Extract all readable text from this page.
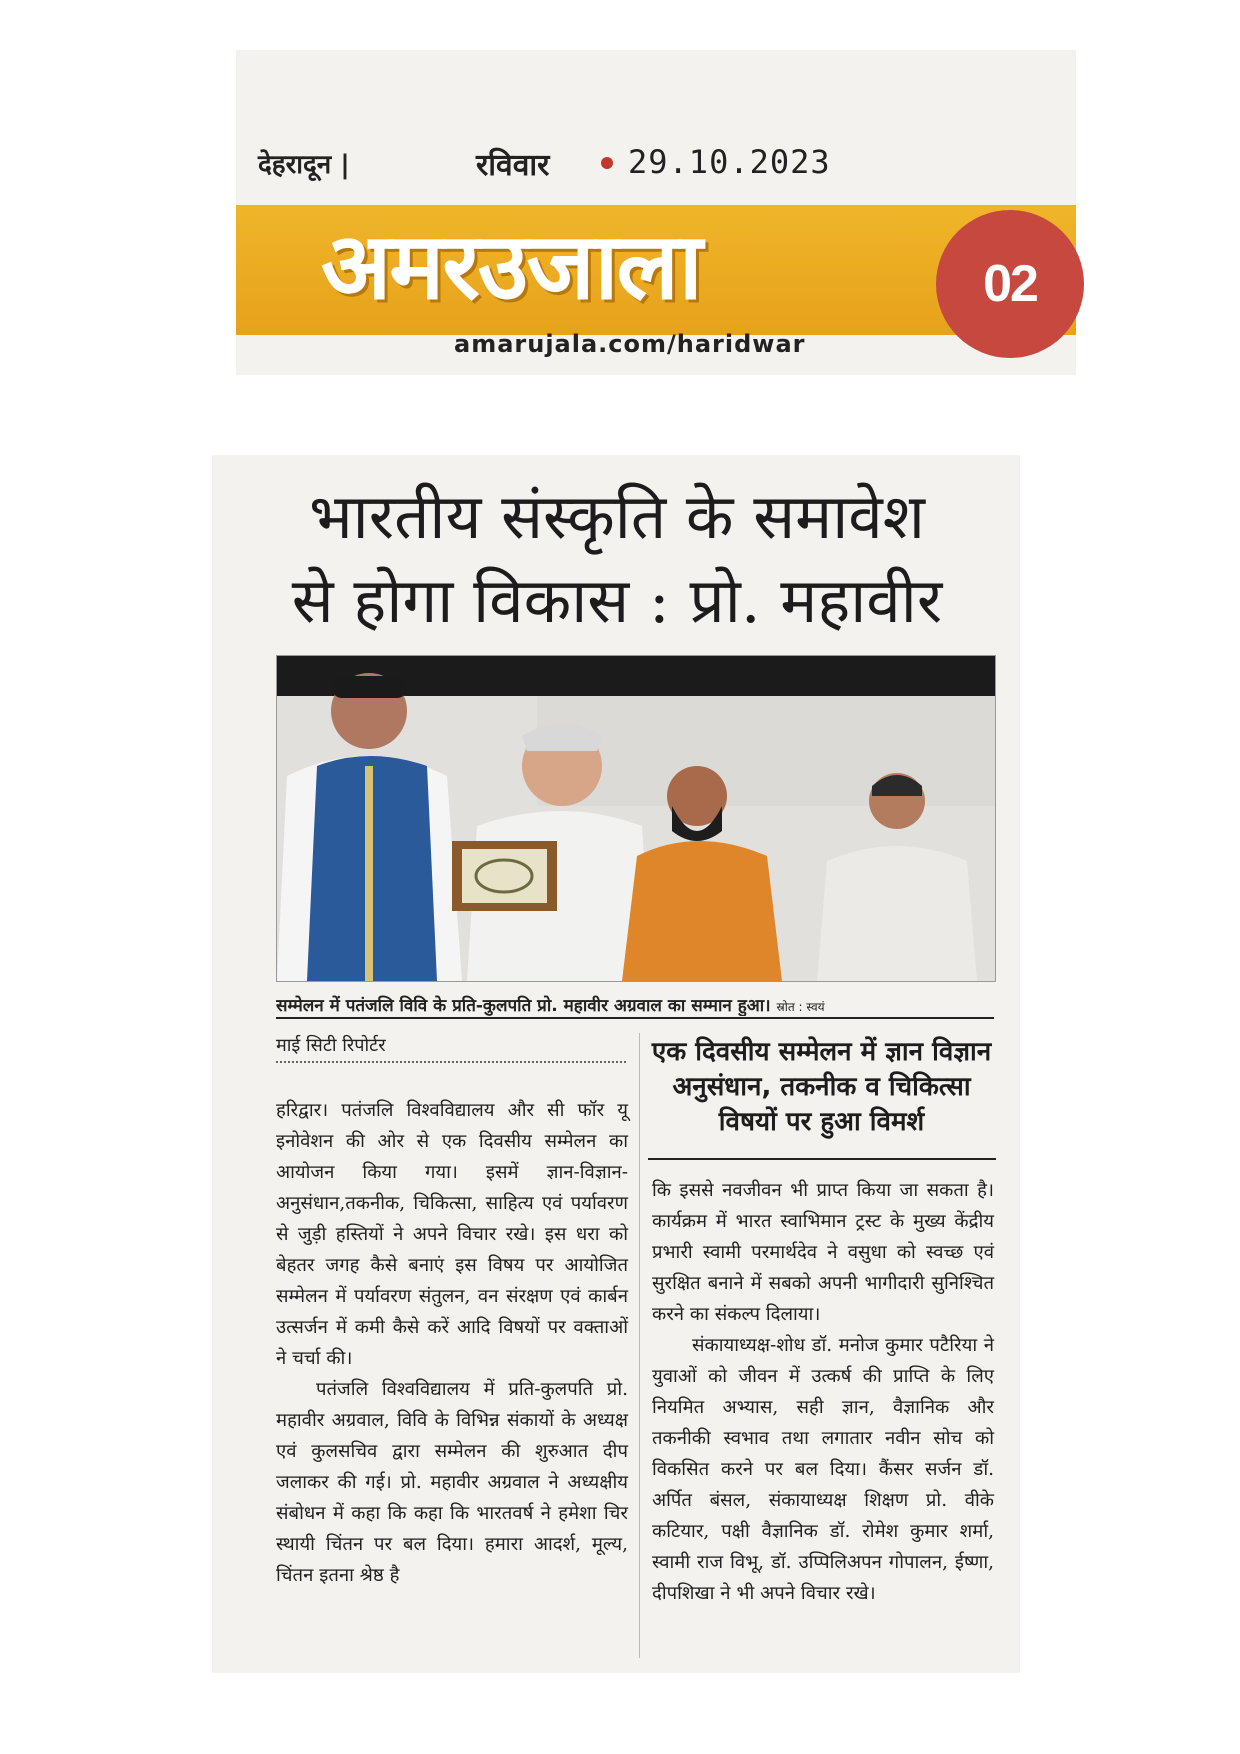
देहरादून |	रविवार 29.10.2023
अमरउजाला	02
amarujala.com/haridwar
भारतीय संस्कृति के समावेश
से होगा विकास : प्रो. महावीर
सम्मेलन में पतंजलि विवि के प्रति-कुलपति प्रो. महावीर अग्रवाल का सम्मान हुआ। स्रोत : स्वयं
माई सिटी रिपोर्टर

हरिद्वार। पतंजलि विश्वविद्यालय और सी फॉर यू इनोवेशन की ओर से एक दिवसीय सम्मेलन का आयोजन किया गया। इसमें ज्ञान-विज्ञान-अनुसंधान,तकनीक, चिकित्सा, साहित्य एवं पर्यावरण से जुड़ी हस्तियों ने अपने विचार रखे। इस धरा को बेहतर जगह कैसे बनाएं इस विषय पर आयोजित सम्मेलन में पर्यावरण संतुलन, वन संरक्षण एवं कार्बन उत्सर्जन में कमी कैसे करें आदि विषयों पर वक्ताओं ने चर्चा की।

पतंजलि विश्वविद्यालय में प्रति-कुलपति प्रो. महावीर अग्रवाल, विवि के विभिन्न संकायों के अध्यक्ष एवं कुलसचिव द्वारा सम्मेलन की शुरुआत दीप जलाकर की गई। प्रो. महावीर अग्रवाल ने अध्यक्षीय संबोधन में कहा कि कहा कि भारतवर्ष ने हमेशा चिर स्थायी चिंतन पर बल दिया। हमारा आदर्श, मूल्य, चिंतन इतना श्रेष्ठ है

एक दिवसीय सम्मेलन में ज्ञान विज्ञान अनुसंधान, तकनीक व चिकित्सा विषयों पर हुआ विमर्श

कि इससे नवजीवन भी प्राप्त किया जा सकता है। कार्यक्रम में भारत स्वाभिमान ट्रस्ट के मुख्य केंद्रीय प्रभारी स्वामी परमार्थदेव ने वसुधा को स्वच्छ एवं सुरक्षित बनाने में सबको अपनी भागीदारी सुनिश्चित करने का संकल्प दिलाया।

संकायाध्यक्ष-शोध डॉ. मनोज कुमार पटैरिया ने युवाओं को जीवन में उत्कर्ष की प्राप्ति के लिए नियमित अभ्यास, सही ज्ञान, वैज्ञानिक और तकनीकी स्वभाव तथा लगातार नवीन सोच को विकसित करने पर बल दिया। कैंसर सर्जन डॉ. अर्पित बंसल, संकायाध्यक्ष शिक्षण प्रो. वीके कटियार, पक्षी वैज्ञानिक डॉ. रोमेश कुमार शर्मा, स्वामी राज विभू, डॉ. उप्पिलिअपन गोपालन, ईष्णा, दीपशिखा ने भी अपने विचार रखे।
